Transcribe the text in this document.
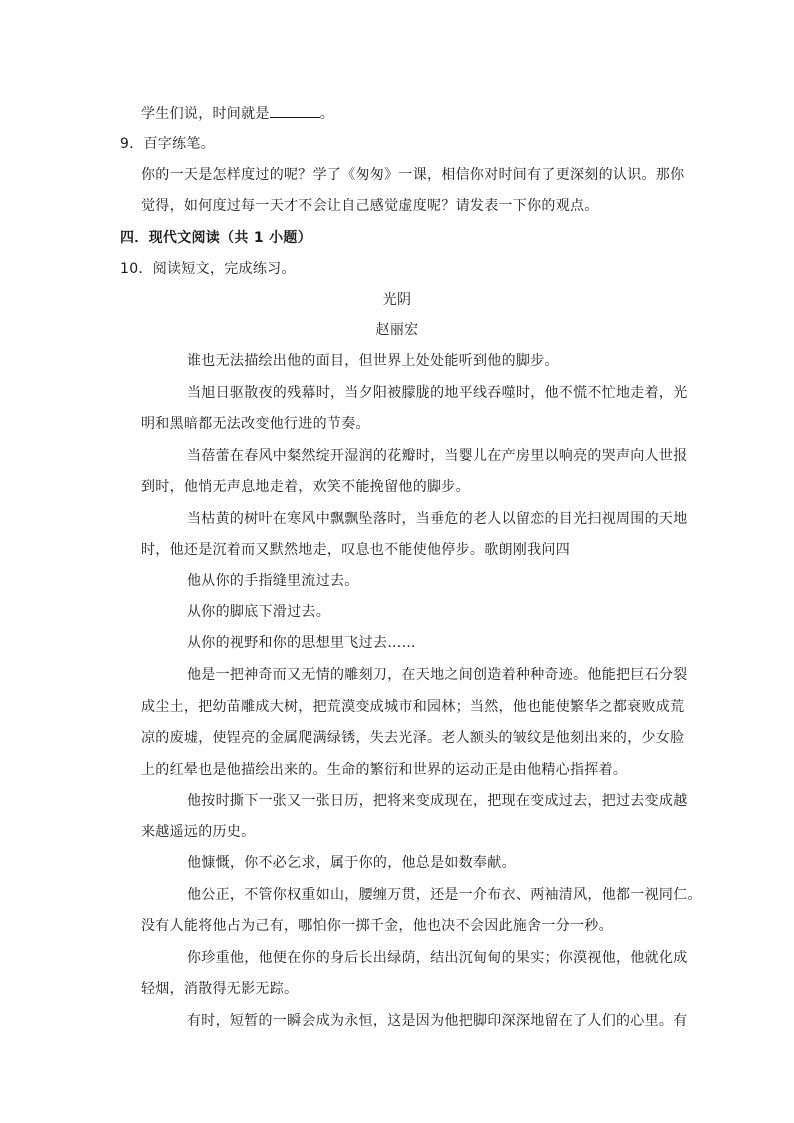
学生们说，时间就是	。
9．百字练笔。
你的一天是怎样度过的呢？学了《匆匆》一课，相信你对时间有了更深刻的认识。那你
觉得，如何度过每一天才不会让自己感觉虚度呢？请发表一下你的观点。
四．现代文阅读（共 1 小题）
10．阅读短文，完成练习。
光阴
赵丽宏
谁也无法描绘出他的面目，但世界上处处能听到他的脚步。
当旭日驱散夜的残幕时，当夕阳被朦胧的地平线吞噬时，他不慌不忙地走着，光
明和黑暗都无法改变他行进的节奏。
当蓓蕾在春风中粲然绽开湿润的花瓣时，当婴儿在产房里以响亮的哭声向人世报
到时，他悄无声息地走着，欢笑不能挽留他的脚步。
当枯黄的树叶在寒风中飘飘坠落时，当垂危的老人以留恋的目光扫视周围的天地
时，他还是沉着而又默然地走，叹息也不能使他停步。歌朗刚我问四
他从你的手指缝里流过去。
从你的脚底下滑过去。
从你的视野和你的思想里飞过去……
他是一把神奇而又无情的雕刻刀，在天地之间创造着种种奇迹。他能把巨石分裂
成尘土，把幼苗雕成大树，把荒漠变成城市和园林；当然，他也能使繁华之都衰败成荒
凉的废墟，使锃亮的金属爬满绿锈，失去光泽。老人额头的皱纹是他刻出来的，少女脸
上的红晕也是他描绘出来的。生命的繁衍和世界的运动正是由他精心指挥着。
他按时撕下一张又一张日历，把将来变成现在，把现在变成过去，把过去变成越
来越遥远的历史。
他慷慨，你不必乞求，属于你的，他总是如数奉献。
他公正，不管你权重如山，腰缠万贯，还是一介布衣、两袖清风，他都一视同仁。
没有人能将他占为己有，哪怕你一掷千金，他也决不会因此施舍一分一秒。
你珍重他，他便在你的身后长出绿荫，结出沉甸甸的果实；你漠视他，他就化成
轻烟，消散得无影无踪。
有时，短暂的一瞬会成为永恒，这是因为他把脚印深深地留在了人们的心里。有
